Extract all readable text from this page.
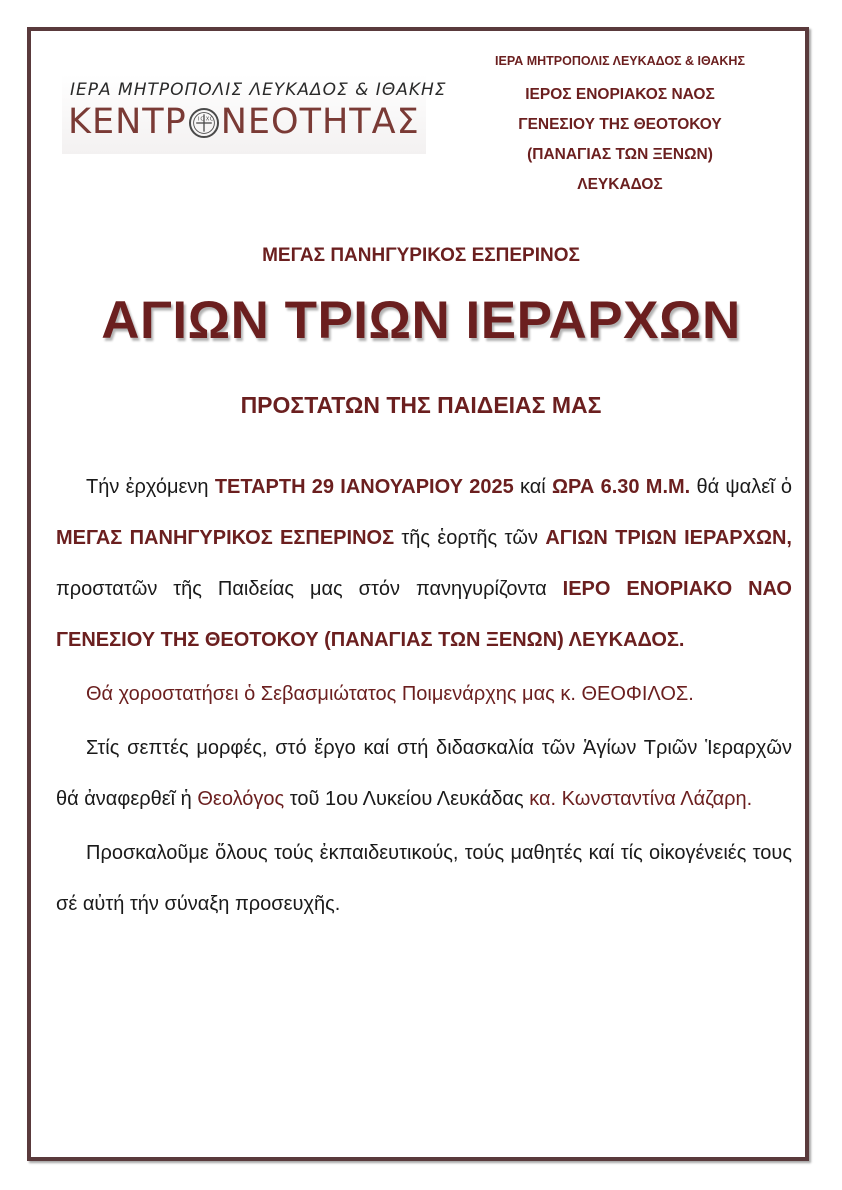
ΙΕΡΑ ΜΗΤΡΟΠΟΛΙΣ ΛΕΥΚΑΔΟΣ & ΙΘΑΚΗΣ
ΚΕΝΤΡ ΙC XC ΝΕΟΤΗΤΑΣ
ΙΕΡΑ ΜΗΤΡΟΠΟΛΙΣ ΛΕΥΚΑΔΟΣ & ΙΘΑΚΗΣ
ΙΕΡΟΣ ΕΝΟΡΙΑΚΟΣ ΝΑΟΣ
ΓΕΝΕΣΙΟΥ ΤΗΣ ΘΕΟΤΟΚΟΥ
(ΠΑΝΑΓΙΑΣ ΤΩΝ ΞΕΝΩΝ)
ΛΕΥΚΑΔΟΣ
ΜΕΓΑΣ ΠΑΝΗΓΥΡΙΚΟΣ ΕΣΠΕΡΙΝΟΣ
ΑΓΙΩΝ ΤΡΙΩΝ ΙΕΡΑΡΧΩΝ
ΠΡΟΣΤΑΤΩΝ ΤΗΣ ΠΑΙΔΕΙΑΣ ΜΑΣ

Τήν ἐρχόμενη ΤΕΤΑΡΤΗ 29 ΙΑΝΟΥΑΡΙΟΥ 2025 καί ΩΡΑ 6.30 Μ.Μ. θά ψαλεῖ ὁ ΜΕΓΑΣ ΠΑΝΗΓΥΡΙΚΟΣ ΕΣΠΕΡΙΝΟΣ τῆς ἑορτῆς τῶν ΑΓΙΩΝ ΤΡΙΩΝ ΙΕΡΑΡΧΩΝ, προστατῶν τῆς Παιδείας μας στόν πανηγυρίζοντα ΙΕΡΟ ΕΝΟΡΙΑΚΟ ΝΑΟ ΓΕΝΕΣΙΟΥ ΤΗΣ ΘΕΟΤΟΚΟΥ (ΠΑΝΑΓΙΑΣ ΤΩΝ ΞΕΝΩΝ) ΛΕΥΚΑΔΟΣ.

Θά χοροστατήσει ὁ Σεβασμιώτατος Ποιμενάρχης μας κ. ΘΕΟΦΙΛΟΣ.

Στίς σεπτές μορφές, στό ἔργο καί στή διδασκαλία τῶν Ἁγίων Τριῶν Ἱεραρχῶν θά ἀναφερθεῖ ἡ Θεολόγος τοῦ 1ου Λυκείου Λευκάδας κα. Κωνσταντίνα Λάζαρη.

Προσκαλοῦμε ὅλους τούς ἐκπαιδευτικούς, τούς μαθητές καί τίς οἰκογένειές τους σέ αὐτή τήν σύναξη προσευχῆς.
